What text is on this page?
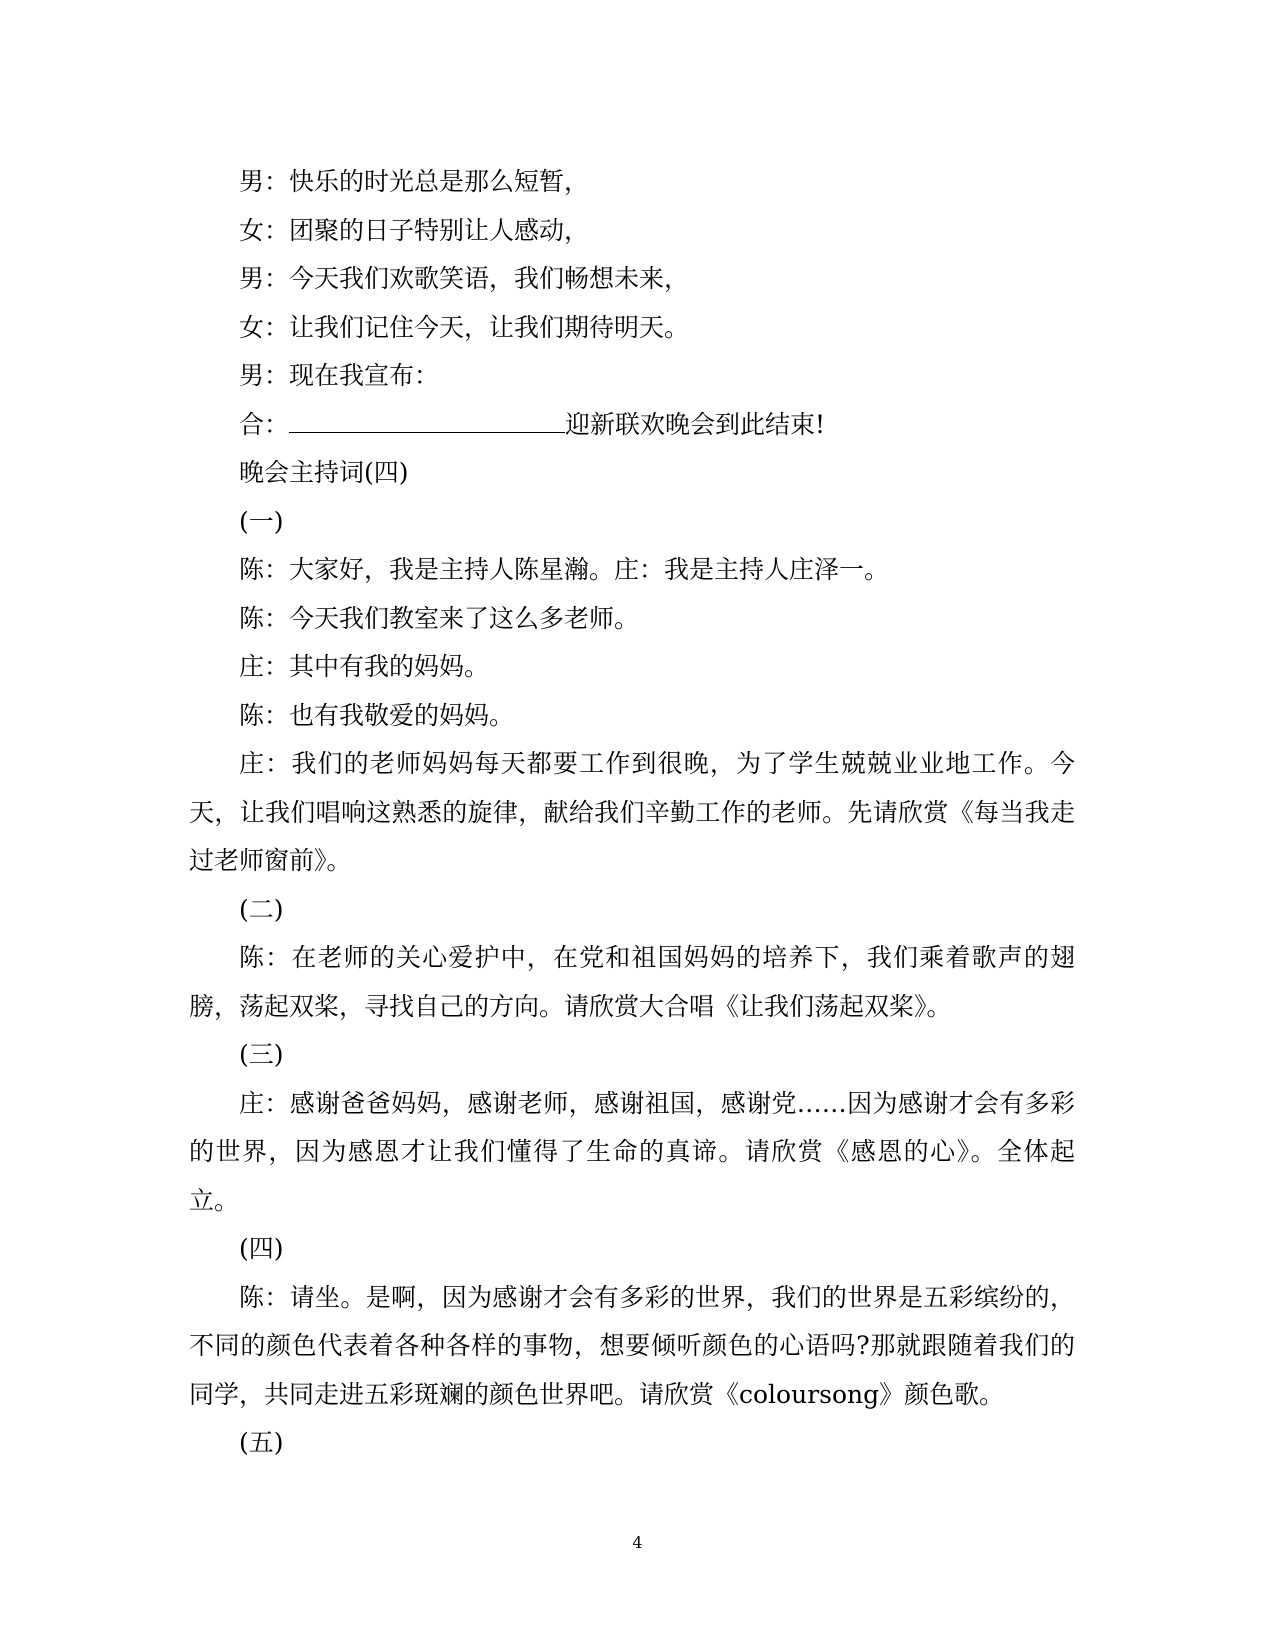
男：快乐的时光总是那么短暂，
女：团聚的日子特别让人感动，
男：今天我们欢歌笑语，我们畅想未来，
女：让我们记住今天，让我们期待明天。
男：现在我宣布：
合：	迎新联欢晚会到此结束!
晚会主持词(四)
(一)
陈：大家好，我是主持人陈星瀚。庄：我是主持人庄泽一。
陈：今天我们教室来了这么多老师。
庄：其中有我的妈妈。
陈：也有我敬爱的妈妈。
庄：我们的老师妈妈每天都要工作到很晚，为了学生兢兢业业地工作。今天，让我们唱响这熟悉的旋律，献给我们辛勤工作的老师。先请欣赏《每当我走过老师窗前》。
(二)
陈：在老师的关心爱护中，在党和祖国妈妈的培养下，我们乘着歌声的翅膀，荡起双桨，寻找自己的方向。请欣赏大合唱《让我们荡起双桨》。
(三)
庄：感谢爸爸妈妈，感谢老师，感谢祖国，感谢党……因为感谢才会有多彩的世界，因为感恩才让我们懂得了生命的真谛。请欣赏《感恩的心》。全体起立。
(四)
陈：请坐。是啊，因为感谢才会有多彩的世界，我们的世界是五彩缤纷的，不同的颜色代表着各种各样的事物，想要倾听颜色的心语吗?那就跟随着我们的同学，共同走进五彩斑斓的颜色世界吧。请欣赏《coloursong》颜色歌。
(五)
4
